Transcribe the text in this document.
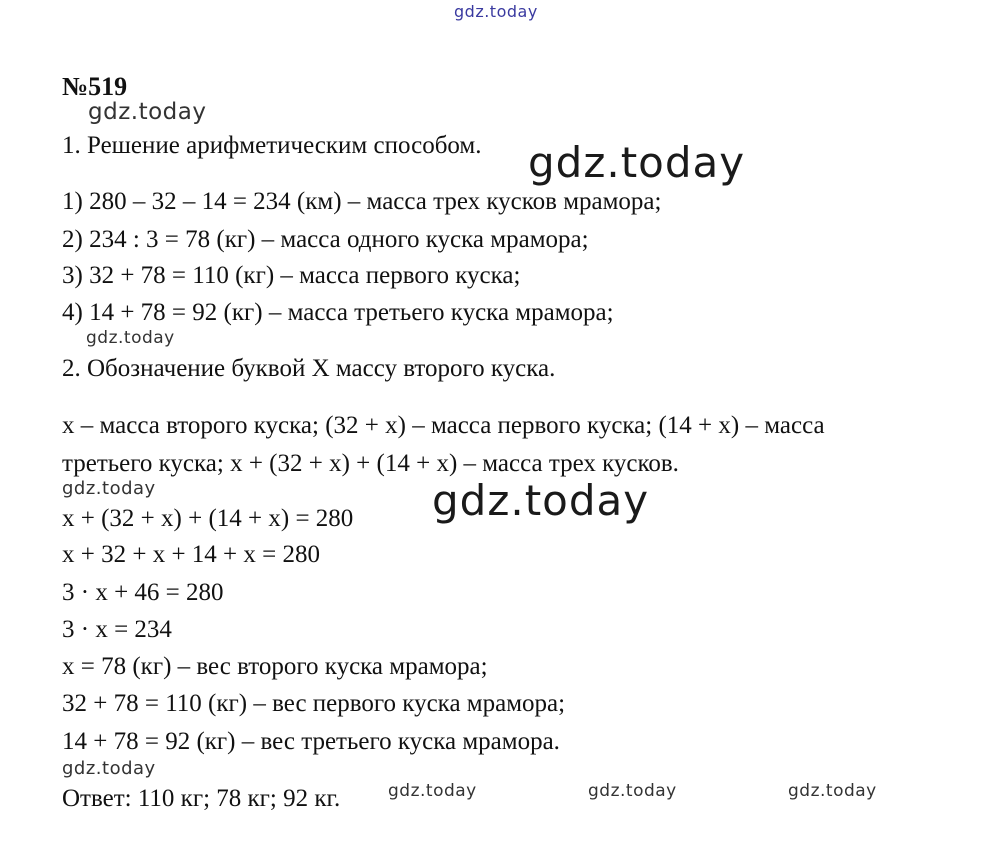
gdz.today
gdz.today
gdz.today
gdz.today
gdz.today	gdz.today
gdz.today
gdz.today	gdz.today	gdz.today
№519
1. Решение арифметическим способом.
1) 280 – 32 – 14 = 234 (км) – масса трех кусков мрамора;
2) 234 : 3 = 78 (кг) – масса одного куска мрамора;
3) 32 + 78 = 110 (кг) – масса первого куска;
4) 14 + 78 = 92 (кг) – масса третьего куска мрамора;
2. Обозначение буквой Х массу второго куска.
х – масса второго куска; (32 + х) – масса первого куска; (14 + х) – масса
третьего куска; х + (32 + х) + (14 + х) – масса трех кусков.
х + (32 + х) + (14 + х) = 280
х + 32 + х + 14 + х = 280
3 · х + 46 = 280
3 · х = 234
х = 78 (кг) – вес второго куска мрамора;
32 + 78 = 110 (кг) – вес первого куска мрамора;
14 + 78 = 92 (кг) – вес третьего куска мрамора.
Ответ: 110 кг; 78 кг; 92 кг.
